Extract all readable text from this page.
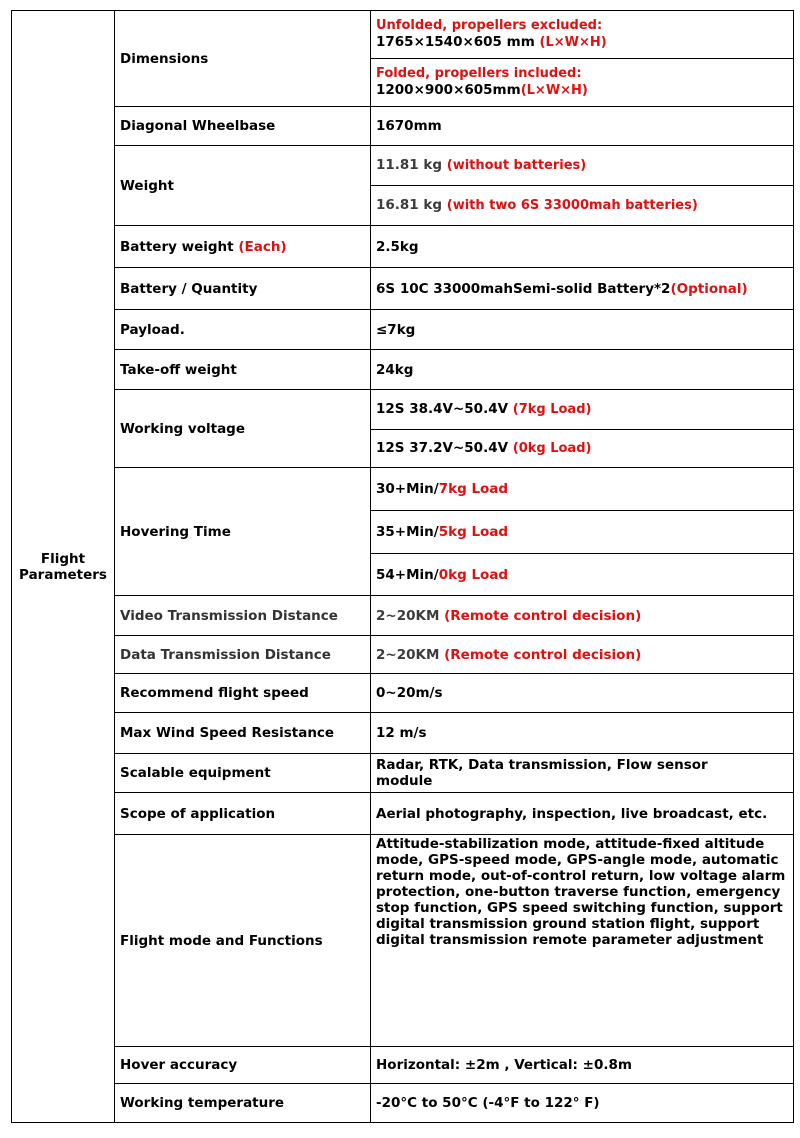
Flight
Parameters	Dimensions	Unfolded, propellers excluded:
1765×1540×605 mm (L×W×H)

		Folded, propellers included:
1200×900×605mm(L×W×H)
	Diagonal Wheelbase	1670mm
	Weight	11.81 kg (without batteries)
		16.81 kg (with two 6S 33000mah batteries)
	Battery weight (Each)	2.5kg
	Battery / Quantity	6S 10C 33000mahSemi-solid Battery*2(Optional)
	Payload.	≤7kg
	Take-off weight	24kg
	Working voltage	12S 38.4V~50.4V (7kg Load)
		12S 37.2V~50.4V (0kg Load)
	Hovering Time	30+Min/7kg Load
		35+Min/5kg Load
		54+Min/0kg Load
	Video Transmission Distance	2~20KM (Remote control decision)
	Data Transmission Distance	2~20KM (Remote control decision)
	Recommend flight speed	0~20m/s
	Max Wind Speed Resistance	12 m/s
	Scalable equipment	Radar, RTK, Data transmission, Flow sensor module
	Scope of application	Aerial photography, inspection, live broadcast, etc.
	Flight mode and Functions	Attitude-stabilization mode, attitude-fixed altitude mode, GPS-speed mode, GPS-angle mode, automatic return mode, out-of-control return, low voltage alarm protection, one-button traverse function, emergency stop function, GPS speed switching function, support digital transmission ground station flight, support digital transmission remote parameter adjustment

	Hover accuracy	Horizontal: ±2m , Vertical: ±0.8m
	Working temperature	-20°C to 50°C (-4°F to 122° F)
